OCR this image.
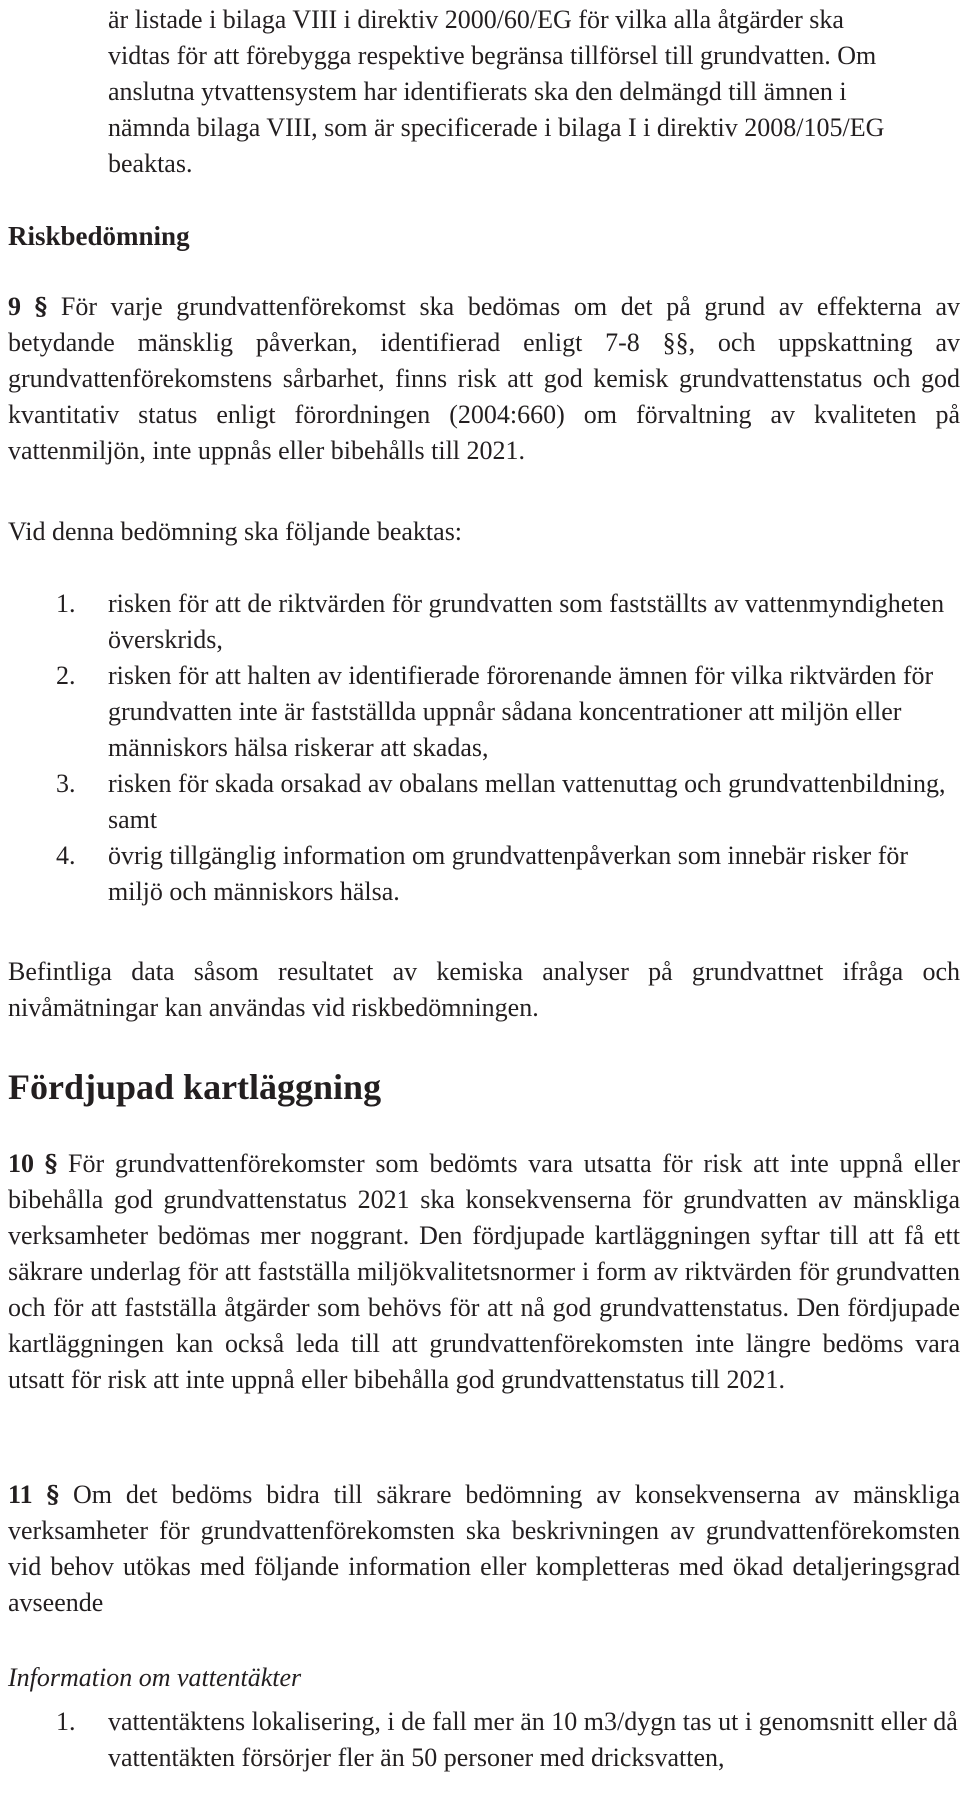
är listade i bilaga VIII i direktiv 2000/60/EG för vilka alla åtgärder ska vidtas för att förebygga respektive begränsa tillförsel till grundvatten. Om anslutna ytvattensystem har identifierats ska den delmängd till ämnen i nämnda bilaga VIII, som är specificerade i bilaga I i direktiv 2008/105/EG beaktas.
Riskbedömning
9 § För varje grundvattenförekomst ska bedömas om det på grund av effekterna av betydande mänsklig påverkan, identifierad enligt 7-8 §§, och uppskattning av grundvattenförekomstens sårbarhet, finns risk att god kemisk grundvattenstatus och god kvantitativ status enligt förordningen (2004:660) om förvaltning av kvaliteten på vattenmiljön, inte uppnås eller bibehålls till 2021.
Vid denna bedömning ska följande beaktas:
1. risken för att de riktvärden för grundvatten som fastställts av vattenmyndigheten överskrids,
2. risken för att halten av identifierade förorenande ämnen för vilka riktvärden för grundvatten inte är fastställda uppnår sådana koncentrationer att miljön eller människors hälsa riskerar att skadas,
3. risken för skada orsakad av obalans mellan vattenuttag och grundvattenbildning, samt
4. övrig tillgänglig information om grundvattenpåverkan som innebär risker för miljö och människors hälsa.
Befintliga data såsom resultatet av kemiska analyser på grundvattnet ifråga och nivåmätningar kan användas vid riskbedömningen.
Fördjupad kartläggning
10 § För grundvattenförekomster som bedömts vara utsatta för risk att inte uppnå eller bibehålla god grundvattenstatus 2021 ska konsekvenserna för grundvatten av mänskliga verksamheter bedömas mer noggrant. Den fördjupade kartläggningen syftar till att få ett säkrare underlag för att fastställa miljökvalitetsnormer i form av riktvärden för grundvatten och för att fastställa åtgärder som behövs för att nå god grundvattenstatus. Den fördjupade kartläggningen kan också leda till att grundvattenförekomsten inte längre bedöms vara utsatt för risk att inte uppnå eller bibehålla god grundvattenstatus till 2021.
11 § Om det bedöms bidra till säkrare bedömning av konsekvenserna av mänskliga verksamheter för grundvattenförekomsten ska beskrivningen av grundvattenförekomsten vid behov utökas med följande information eller kompletteras med ökad detaljeringsgrad avseende
Information om vattentäkter
1. vattentäktens lokalisering, i de fall mer än 10 m3/dygn tas ut i genomsnitt eller då vattentäkten försörjer fler än 50 personer med dricksvatten,
